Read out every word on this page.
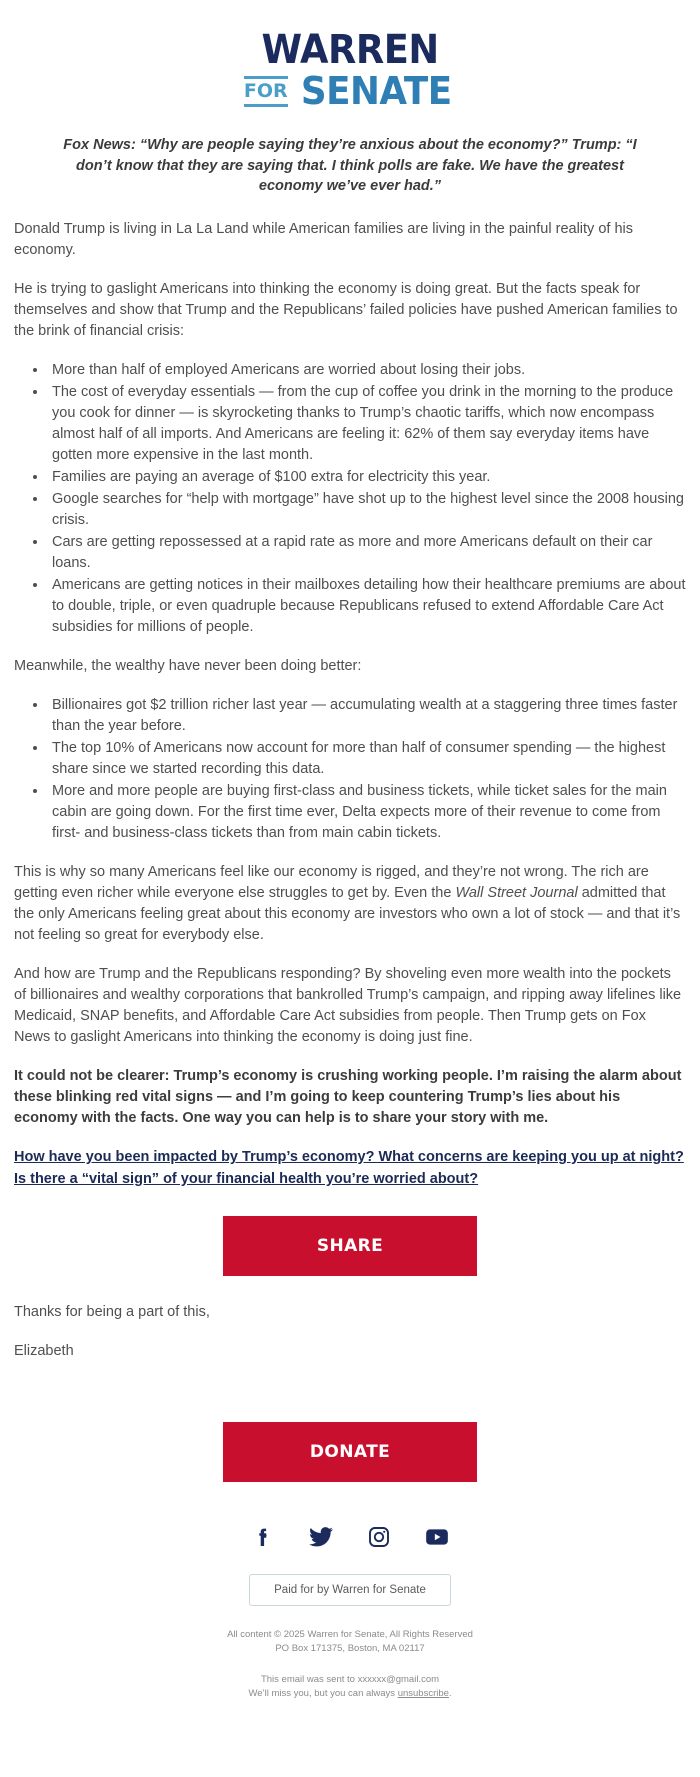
WARREN
FOR SENATE
Fox News: “Why are people saying they’re anxious about the economy?” Trump: “I don’t know that they are saying that. I think polls are fake. We have the greatest economy we’ve ever had.”

Donald Trump is living in La La Land while American families are living in the painful reality of his economy.

He is trying to gaslight Americans into thinking the economy is doing great. But the facts speak for themselves and show that Trump and the Republicans’ failed policies have pushed American families to the brink of financial crisis:

• More than half of employed Americans are worried about losing their jobs.
• The cost of everyday essentials — from the cup of coffee you drink in the morning to the produce you cook for dinner — is skyrocketing thanks to Trump’s chaotic tariffs, which now encompass almost half of all imports. And Americans are feeling it: 62% of them say everyday items have gotten more expensive in the last month.
• Families are paying an average of $100 extra for electricity this year.
• Google searches for “help with mortgage” have shot up to the highest level since the 2008 housing crisis.
• Cars are getting repossessed at a rapid rate as more and more Americans default on their car loans.
• Americans are getting notices in their mailboxes detailing how their healthcare premiums are about to double, triple, or even quadruple because Republicans refused to extend Affordable Care Act subsidies for millions of people.

Meanwhile, the wealthy have never been doing better:

• Billionaires got $2 trillion richer last year — accumulating wealth at a staggering three times faster than the year before.
• The top 10% of Americans now account for more than half of consumer spending — the highest share since we started recording this data.
• More and more people are buying first-class and business tickets, while ticket sales for the main cabin are going down. For the first time ever, Delta expects more of their revenue to come from first- and business-class tickets than from main cabin tickets.

This is why so many Americans feel like our economy is rigged, and they’re not wrong. The rich are getting even richer while everyone else struggles to get by. Even the Wall Street Journal admitted that the only Americans feeling great about this economy are investors who own a lot of stock — and that it’s not feeling so great for everybody else.

And how are Trump and the Republicans responding? By shoveling even more wealth into the pockets of billionaires and wealthy corporations that bankrolled Trump’s campaign, and ripping away lifelines like Medicaid, SNAP benefits, and Affordable Care Act subsidies from people. Then Trump gets on Fox News to gaslight Americans into thinking the economy is doing just fine.

It could not be clearer: Trump’s economy is crushing working people. I’m raising the alarm about these blinking red vital signs — and I’m going to keep countering Trump’s lies about his economy with the facts. One way you can help is to share your story with me.

How have you been impacted by Trump’s economy? What concerns are keeping you up at night? Is there a “vital sign” of your financial health you’re worried about?

SHARE

Thanks for being a part of this,

Elizabeth

DONATE
Paid for by Warren for Senate

All content © 2025 Warren for Senate, All Rights Reserved

PO Box 171375, Boston, MA 02117

This email was sent to xxxxxx@gmail.com

We’ll miss you, but you can always unsubscribe.
